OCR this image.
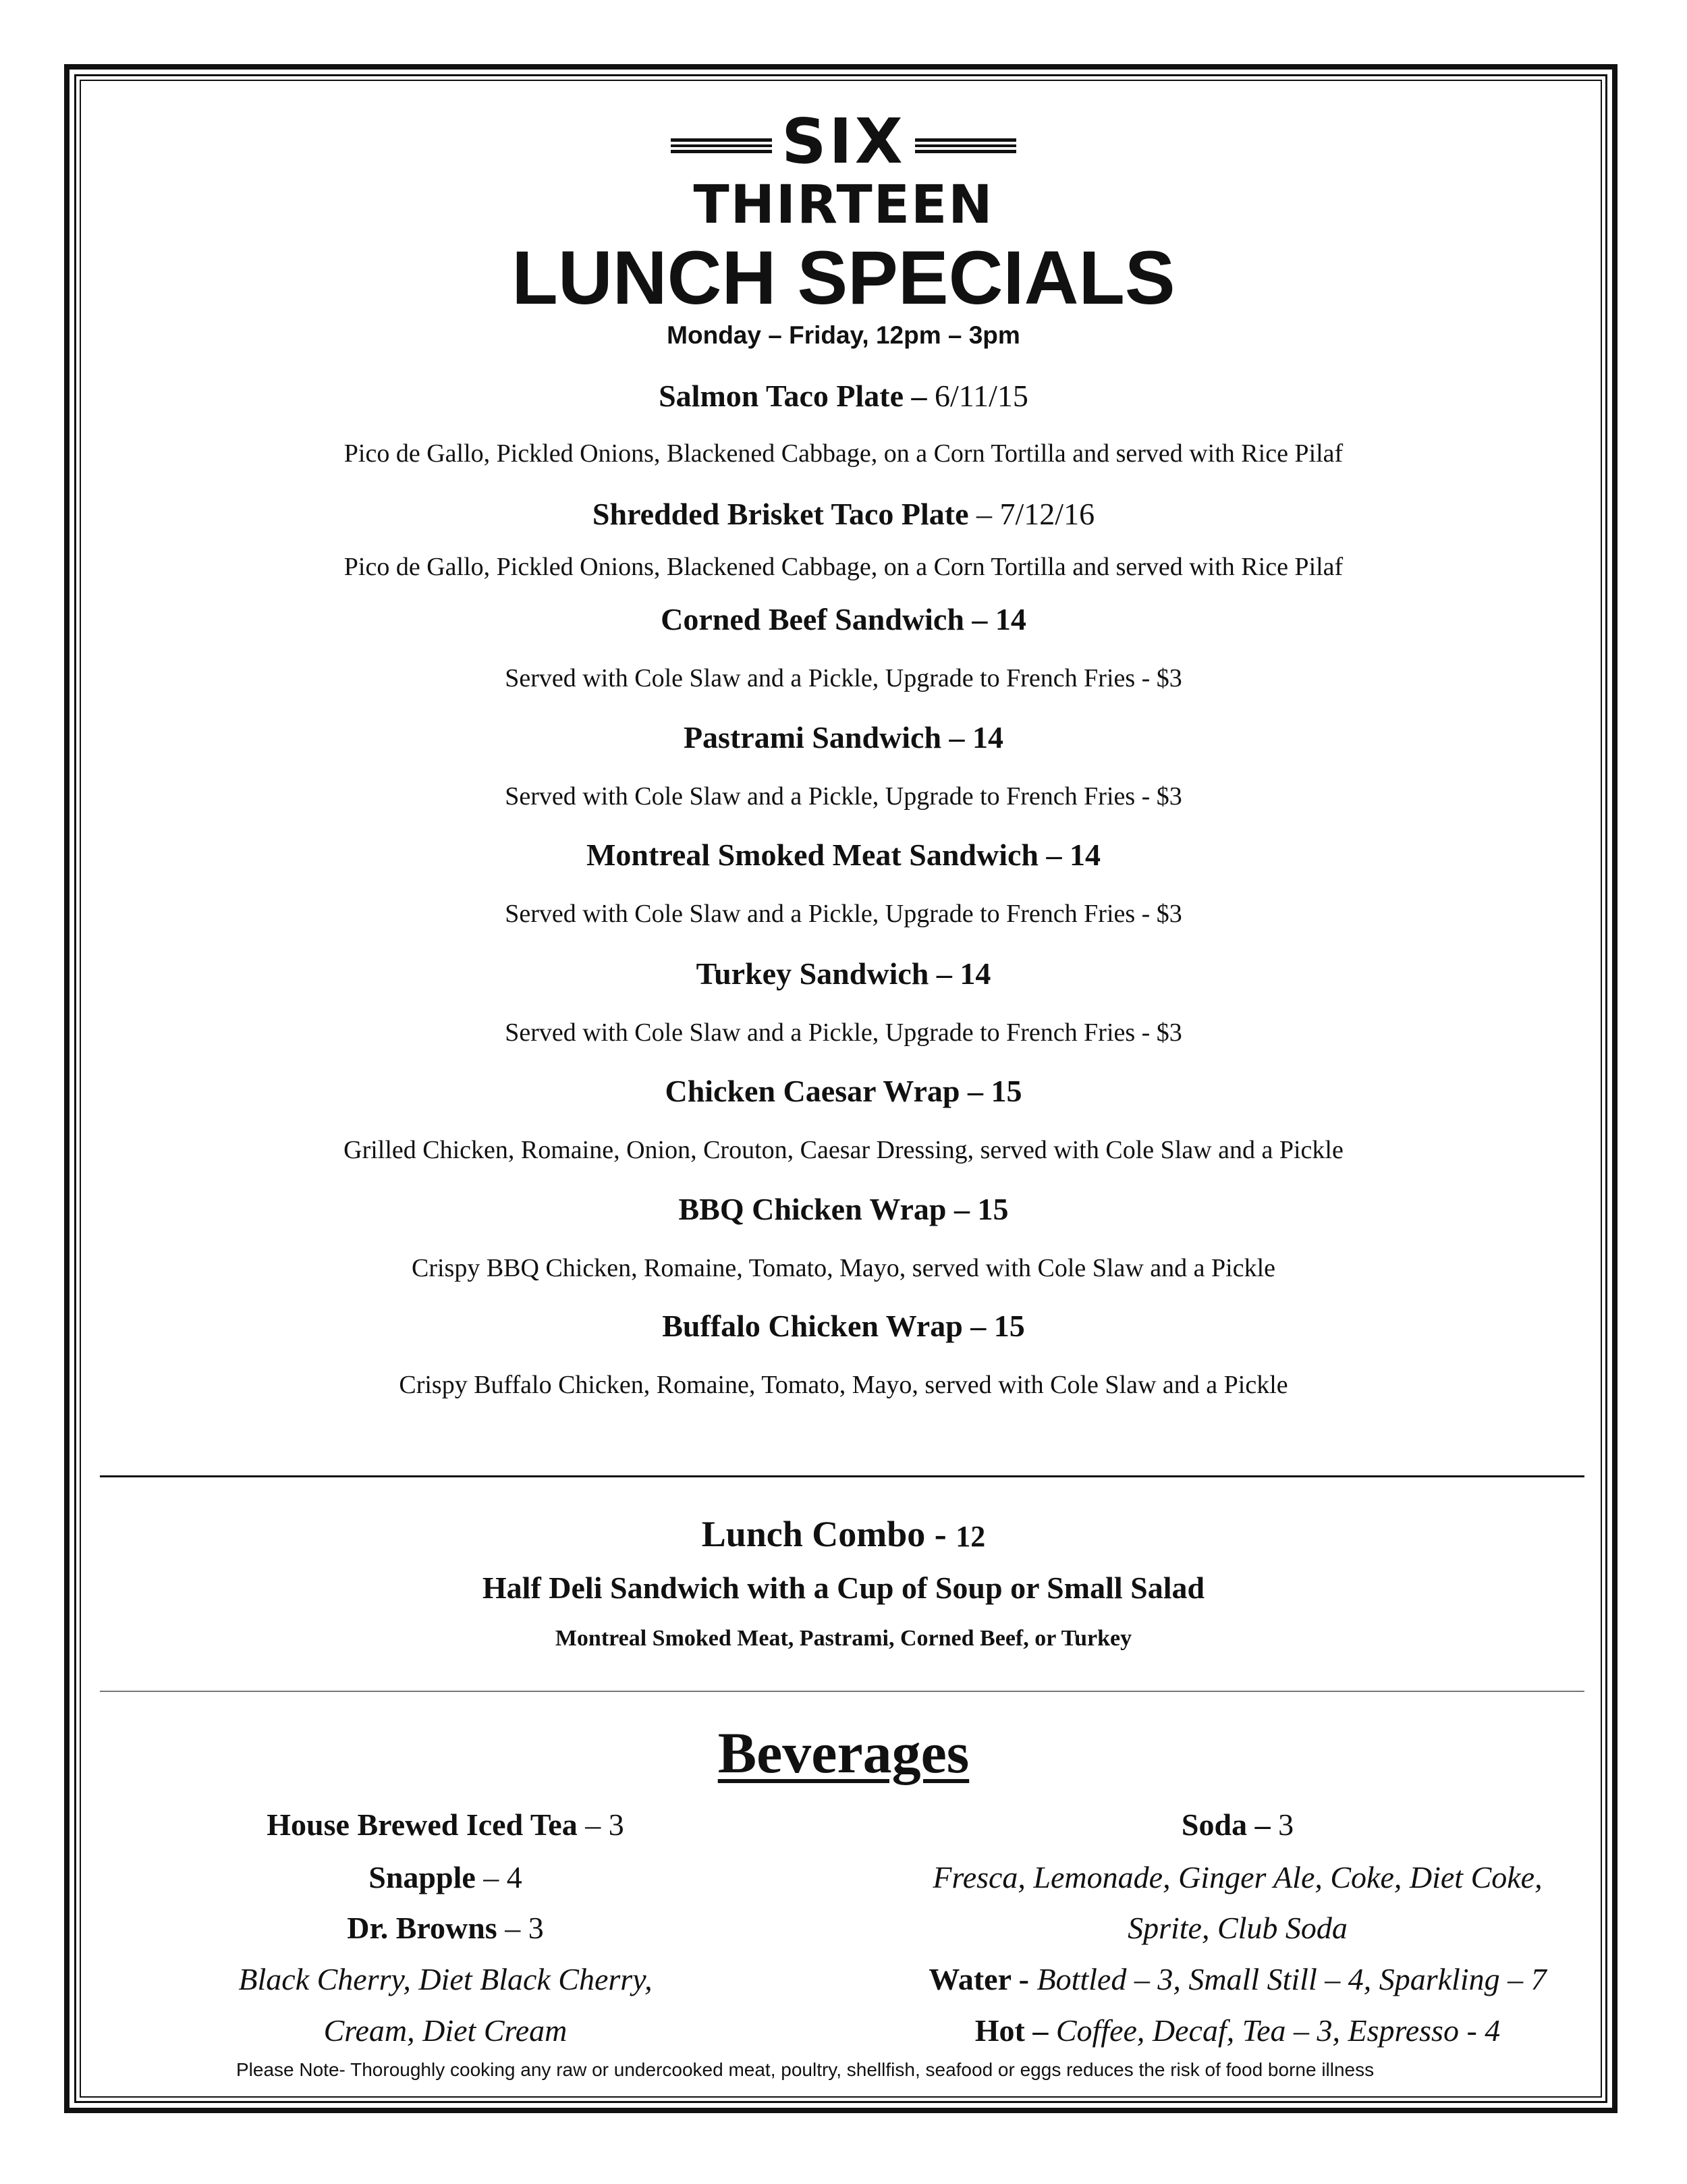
SIX
THIRTEEN
LUNCH SPECIALS
Monday – Friday, 12pm – 3pm
Salmon Taco Plate – 6/11/15
Pico de Gallo, Pickled Onions, Blackened Cabbage, on a Corn Tortilla and served with Rice Pilaf
Shredded Brisket Taco Plate – 7/12/16
Pico de Gallo, Pickled Onions, Blackened Cabbage, on a Corn Tortilla and served with Rice Pilaf
Corned Beef Sandwich – 14
Served with Cole Slaw and a Pickle, Upgrade to French Fries - $3
Pastrami Sandwich – 14
Served with Cole Slaw and a Pickle, Upgrade to French Fries - $3
Montreal Smoked Meat Sandwich – 14
Served with Cole Slaw and a Pickle, Upgrade to French Fries - $3
Turkey Sandwich – 14
Served with Cole Slaw and a Pickle, Upgrade to French Fries - $3
Chicken Caesar Wrap – 15
Grilled Chicken, Romaine, Onion, Crouton, Caesar Dressing, served with Cole Slaw and a Pickle
BBQ Chicken Wrap – 15
Crispy BBQ Chicken, Romaine, Tomato, Mayo, served with Cole Slaw and a Pickle
Buffalo Chicken Wrap – 15
Crispy Buffalo Chicken, Romaine, Tomato, Mayo, served with Cole Slaw and a Pickle
Lunch Combo - 12
Half Deli Sandwich with a Cup of Soup or Small Salad
Montreal Smoked Meat, Pastrami, Corned Beef, or Turkey
Beverages
House Brewed Iced Tea – 3
Snapple – 4
Dr. Browns – 3
Black Cherry, Diet Black Cherry,
Cream, Diet Cream
Soda – 3
Fresca, Lemonade, Ginger Ale, Coke, Diet Coke,
Sprite, Club Soda
Water - Bottled – 3, Small Still – 4, Sparkling – 7
Hot – Coffee, Decaf, Tea – 3, Espresso - 4
Please Note- Thoroughly cooking any raw or undercooked meat, poultry, shellfish, seafood or eggs reduces the risk of food borne illness
